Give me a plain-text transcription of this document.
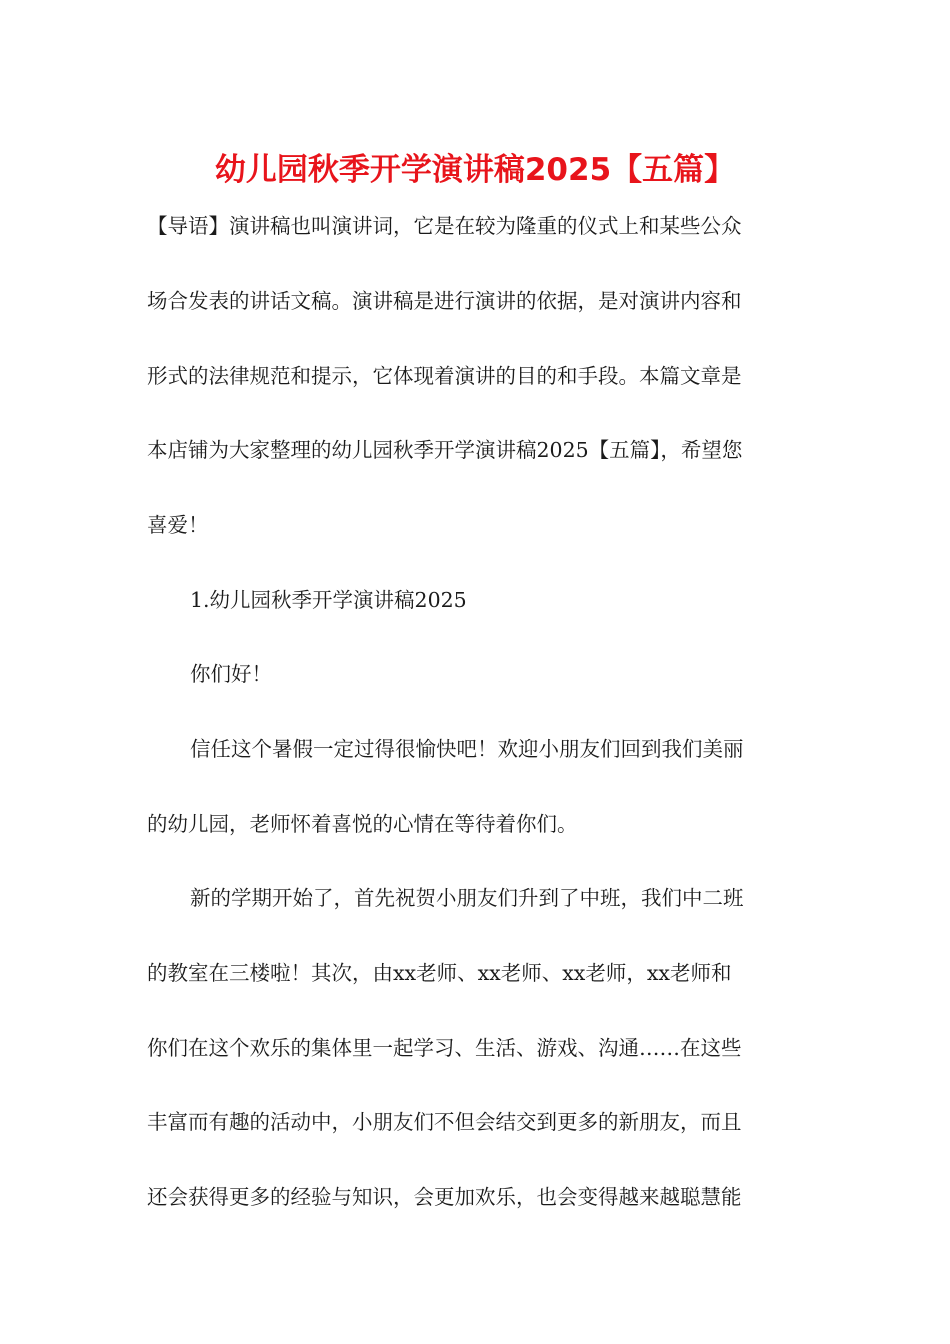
幼儿园秋季开学演讲稿2025【五篇】

【导语】演讲稿也叫演讲词，它是在较为隆重的仪式上和某些公众

场合发表的讲话文稿。演讲稿是进行演讲的依据，是对演讲内容和

形式的法律规范和提示，它体现着演讲的目的和手段。本篇文章是

本店铺为大家整理的幼儿园秋季开学演讲稿2025【五篇】，希望您

喜爱！

1.幼儿园秋季开学演讲稿2025

你们好！

信任这个暑假一定过得很愉快吧！欢迎小朋友们回到我们美丽

的幼儿园，老师怀着喜悦的心情在等待着你们。

新的学期开始了，首先祝贺小朋友们升到了中班，我们中二班

的教室在三楼啦！其次，由xx老师、xx老师、xx老师，xx老师和

你们在这个欢乐的集体里一起学习、生活、游戏、沟通……在这些

丰富而有趣的活动中，小朋友们不但会结交到更多的新朋友，而且

还会获得更多的经验与知识，会更加欢乐，也会变得越来越聪慧能
